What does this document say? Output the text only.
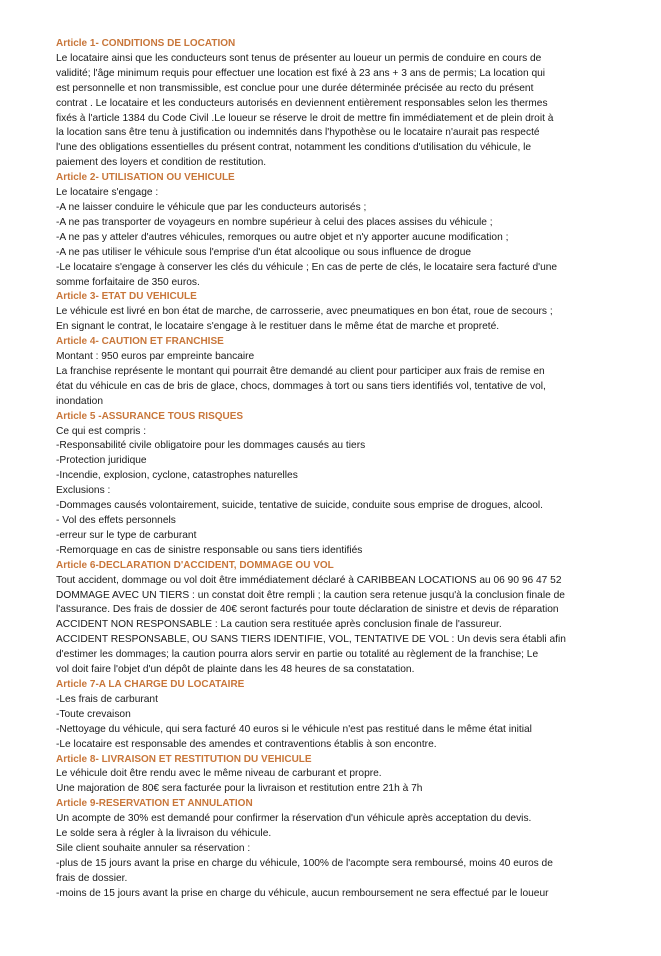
Article 1- CONDITIONS DE LOCATION
Le locataire ainsi que les conducteurs sont tenus de présenter au loueur un permis de conduire en cours de
validité; l'âge minimum requis pour effectuer une location est fixé à 23 ans + 3 ans de permis; La location qui
est personnelle et non transmissible, est conclue pour une durée déterminée précisée au recto du présent
contrat . Le locataire et les conducteurs autorisés en deviennent entièrement responsables selon les thermes
fixés à l'article 1384 du Code Civil .Le loueur se réserve le droit de mettre fin immédiatement et de plein droit à
la location sans être tenu à justification ou indemnités dans l'hypothèse ou le locataire n'aurait pas respecté
l'une des obligations essentielles du présent contrat, notamment les conditions d'utilisation du véhicule, le
paiement des loyers et condition de restitution.
Article 2- UTILISATION OU VEHICULE
Le locataire s'engage :
-A ne laisser conduire le véhicule que par les conducteurs autorisés ;
-A ne pas transporter de voyageurs en nombre supérieur à celui des places assises du véhicule ;
-A ne pas y atteler d'autres véhicules, remorques ou autre objet et n'y apporter aucune modification ;
-A ne pas utiliser le véhicule sous l'emprise d'un état alcoolique ou sous influence de drogue
-Le locataire s'engage à conserver les clés du véhicule ; En cas de perte de clés, le locataire sera facturé d'une
somme forfaitaire de 350 euros.
Article 3- ETAT DU VEHICULE
Le véhicule est livré en bon état de marche, de carrosserie, avec pneumatiques en bon état, roue de secours ;
En signant le contrat, le locataire s'engage à le restituer dans le même état de marche et propreté.
Article 4- CAUTION ET FRANCHISE
Montant : 950 euros par empreinte bancaire
La franchise représente le montant qui pourrait être demandé au client pour participer aux frais de remise en
état du véhicule en cas de bris de glace, chocs, dommages à tort ou sans tiers identifiés vol, tentative de vol,
inondation
Article 5 -ASSURANCE TOUS RISQUES
Ce qui est compris :
-Responsabilité civile obligatoire pour les dommages causés au tiers
-Protection juridique
-Incendie, explosion, cyclone, catastrophes naturelles
Exclusions :
-Dommages causés volontairement, suicide, tentative de suicide, conduite sous emprise de drogues, alcool.
- Vol des effets personnels
-erreur sur le type de carburant
-Remorquage en cas de sinistre responsable ou sans tiers identifiés
Article 6-DECLARATION D'ACCIDENT, DOMMAGE OU VOL
Tout accident, dommage ou vol doit être immédiatement déclaré à CARIBBEAN LOCATIONS au 06 90 96 47 52
DOMMAGE AVEC UN TIERS : un constat doit être rempli ; la caution sera retenue jusqu'à la conclusion finale de
l'assurance. Des frais de dossier de 40€ seront facturés pour toute déclaration de sinistre et devis de réparation
ACCIDENT NON RESPONSABLE : La caution sera restituée après conclusion finale de l'assureur.
ACCIDENT RESPONSABLE, OU SANS TIERS IDENTIFIE, VOL, TENTATIVE DE VOL : Un devis sera établi afin
d'estimer les dommages; la caution pourra alors servir en partie ou totalité au règlement de la franchise; Le
vol doit faire l'objet d'un dépôt de plainte dans les 48 heures de sa constatation.
Article 7-A LA CHARGE DU LOCATAIRE
-Les frais de carburant
-Toute crevaison
-Nettoyage du véhicule, qui sera facturé 40 euros si le véhicule n'est pas restitué dans le même état initial
-Le locataire est responsable des amendes et contraventions établis à son encontre.
Article 8- LIVRAISON ET RESTITUTION DU VEHICULE
Le véhicule doit être rendu avec le même niveau de carburant et propre.
Une majoration de 80€ sera facturée pour la livraison et restitution entre 21h à 7h
Article 9-RESERVATION ET ANNULATION
Un acompte de 30% est demandé pour confirmer la réservation d'un véhicule après acceptation du devis.
Le solde sera à régler à la livraison du véhicule.
Sile client souhaite annuler sa réservation :
-plus de 15 jours avant la prise en charge du véhicule, 100% de l'acompte sera remboursé, moins 40 euros de
frais de dossier.
-moins de 15 jours avant la prise en charge du véhicule, aucun remboursement ne sera effectué par le loueur
